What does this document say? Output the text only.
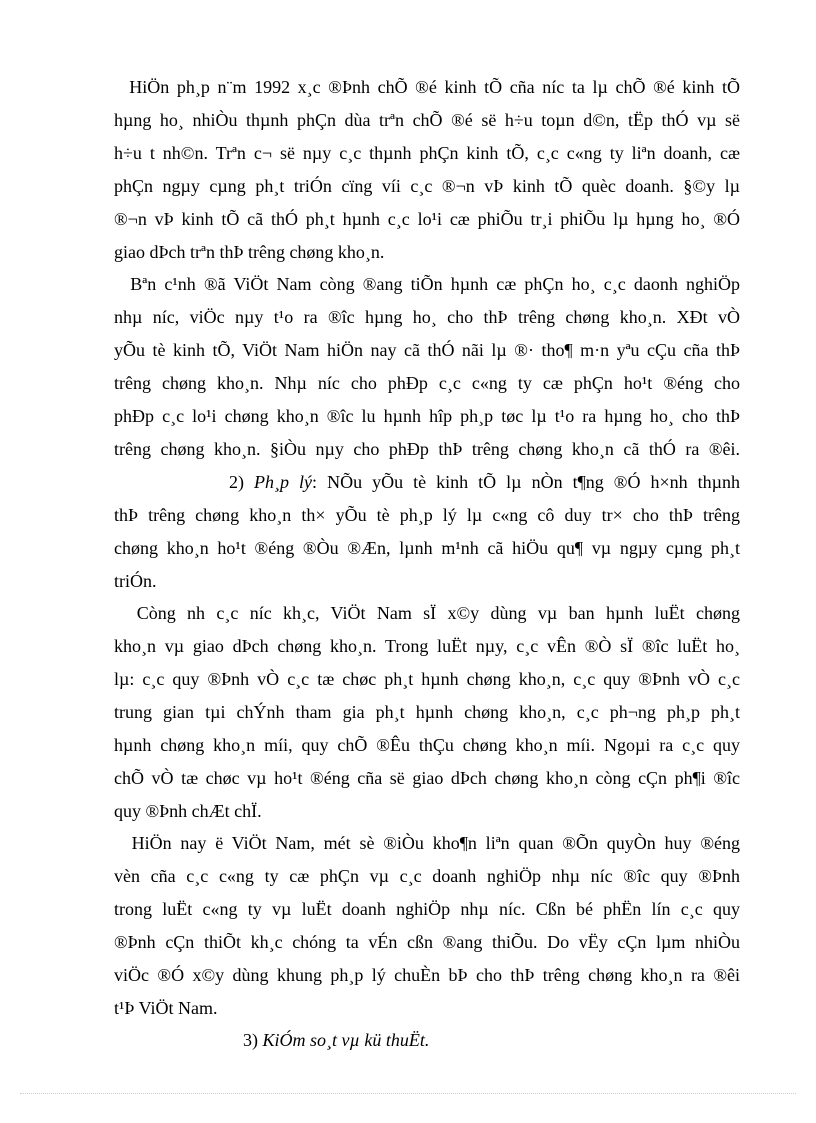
HiÖn ph¸p n¨m 1992 x¸c ®Þnh chÕ ®é kinh tÕ cña níc ta lµ chÕ ®é kinh tÕ
hµng ho¸ nhiÒu thµnh phÇn dùa trªn chÕ ®é së h÷u toµn d©n, tËp thÓ vµ së
h÷u t nh©n. Trªn c¬ së nµy c¸c thµnh phÇn kinh tÕ, c¸c c«ng ty liªn doanh, cæ
phÇn ngµy cµng ph¸t triÓn cïng víi c¸c ®¬n vÞ kinh tÕ quèc doanh. §©y lµ
®¬n vÞ kinh tÕ cã thÓ ph¸t hµnh c¸c lo¹i cæ phiÕu tr¸i phiÕu lµ hµng ho¸ ®Ó
giao dÞch trªn thÞ trêng chøng kho¸n.
Bªn c¹nh ®ã ViÖt Nam còng ®ang tiÕn hµnh cæ phÇn ho¸ c¸c daonh nghiÖp
nhµ níc, viÖc nµy t¹o ra ®îc hµng ho¸ cho thÞ trêng chøng kho¸n. XÐt vÒ
yÕu tè kinh tÕ, ViÖt Nam hiÖn nay cã thÓ nãi lµ ®· tho¶ m·n yªu cÇu cña thÞ
trêng chøng kho¸n. Nhµ níc cho phÐp c¸c c«ng ty cæ phÇn ho¹t ®éng cho
phÐp c¸c lo¹i chøng kho¸n ®îc lu hµnh hîp ph¸p tøc lµ t¹o ra hµng ho¸ cho thÞ
trêng chøng kho¸n. §iÒu nµy cho phÐp thÞ trêng chøng kho¸n cã thÓ ra ®êi.
2) Ph¸p lý: NÕu yÕu tè kinh tÕ lµ nÒn t¶ng ®Ó h×nh thµnh
thÞ trêng chøng kho¸n th× yÕu tè ph¸p lý lµ c«ng cô duy tr× cho thÞ trêng
chøng kho¸n ho¹t ®éng ®Òu ®Æn, lµnh m¹nh cã hiÖu qu¶ vµ ngµy cµng ph¸t
triÓn.
Còng nh c¸c níc kh¸c, ViÖt Nam sÏ x©y dùng vµ ban hµnh luËt chøng
kho¸n vµ giao dÞch chøng kho¸n. Trong luËt nµy, c¸c vÊn ®Ò sÏ ®îc luËt ho¸
lµ: c¸c quy ®Þnh vÒ c¸c tæ chøc ph¸t hµnh chøng kho¸n, c¸c quy ®Þnh vÒ c¸c
trung gian tµi chÝnh tham gia ph¸t hµnh chøng kho¸n, c¸c ph¬ng ph¸p ph¸t
hµnh chøng kho¸n míi, quy chÕ ®Êu thÇu chøng kho¸n míi. Ngoµi ra c¸c quy
chÕ vÒ tæ chøc vµ ho¹t ®éng cña së giao dÞch chøng kho¸n còng cÇn ph¶i ®îc
quy ®Þnh chÆt chÏ.
HiÖn nay ë ViÖt Nam, mét sè ®iÒu kho¶n liªn quan ®Õn quyÒn huy ®éng
vèn cña c¸c c«ng ty cæ phÇn vµ c¸c doanh nghiÖp nhµ níc ®îc quy ®Þnh
trong luËt c«ng ty vµ luËt doanh nghiÖp nhµ níc. Cßn bé phËn lín c¸c quy
®Þnh cÇn thiÕt kh¸c chóng ta vÉn cßn ®ang thiÕu. Do vËy cÇn lµm nhiÒu
viÖc ®Ó x©y dùng khung ph¸p lý chuÈn bÞ cho thÞ trêng chøng kho¸n ra ®êi
t¹Þ ViÖt Nam.
3) KiÓm so¸t vµ kü thuËt.
